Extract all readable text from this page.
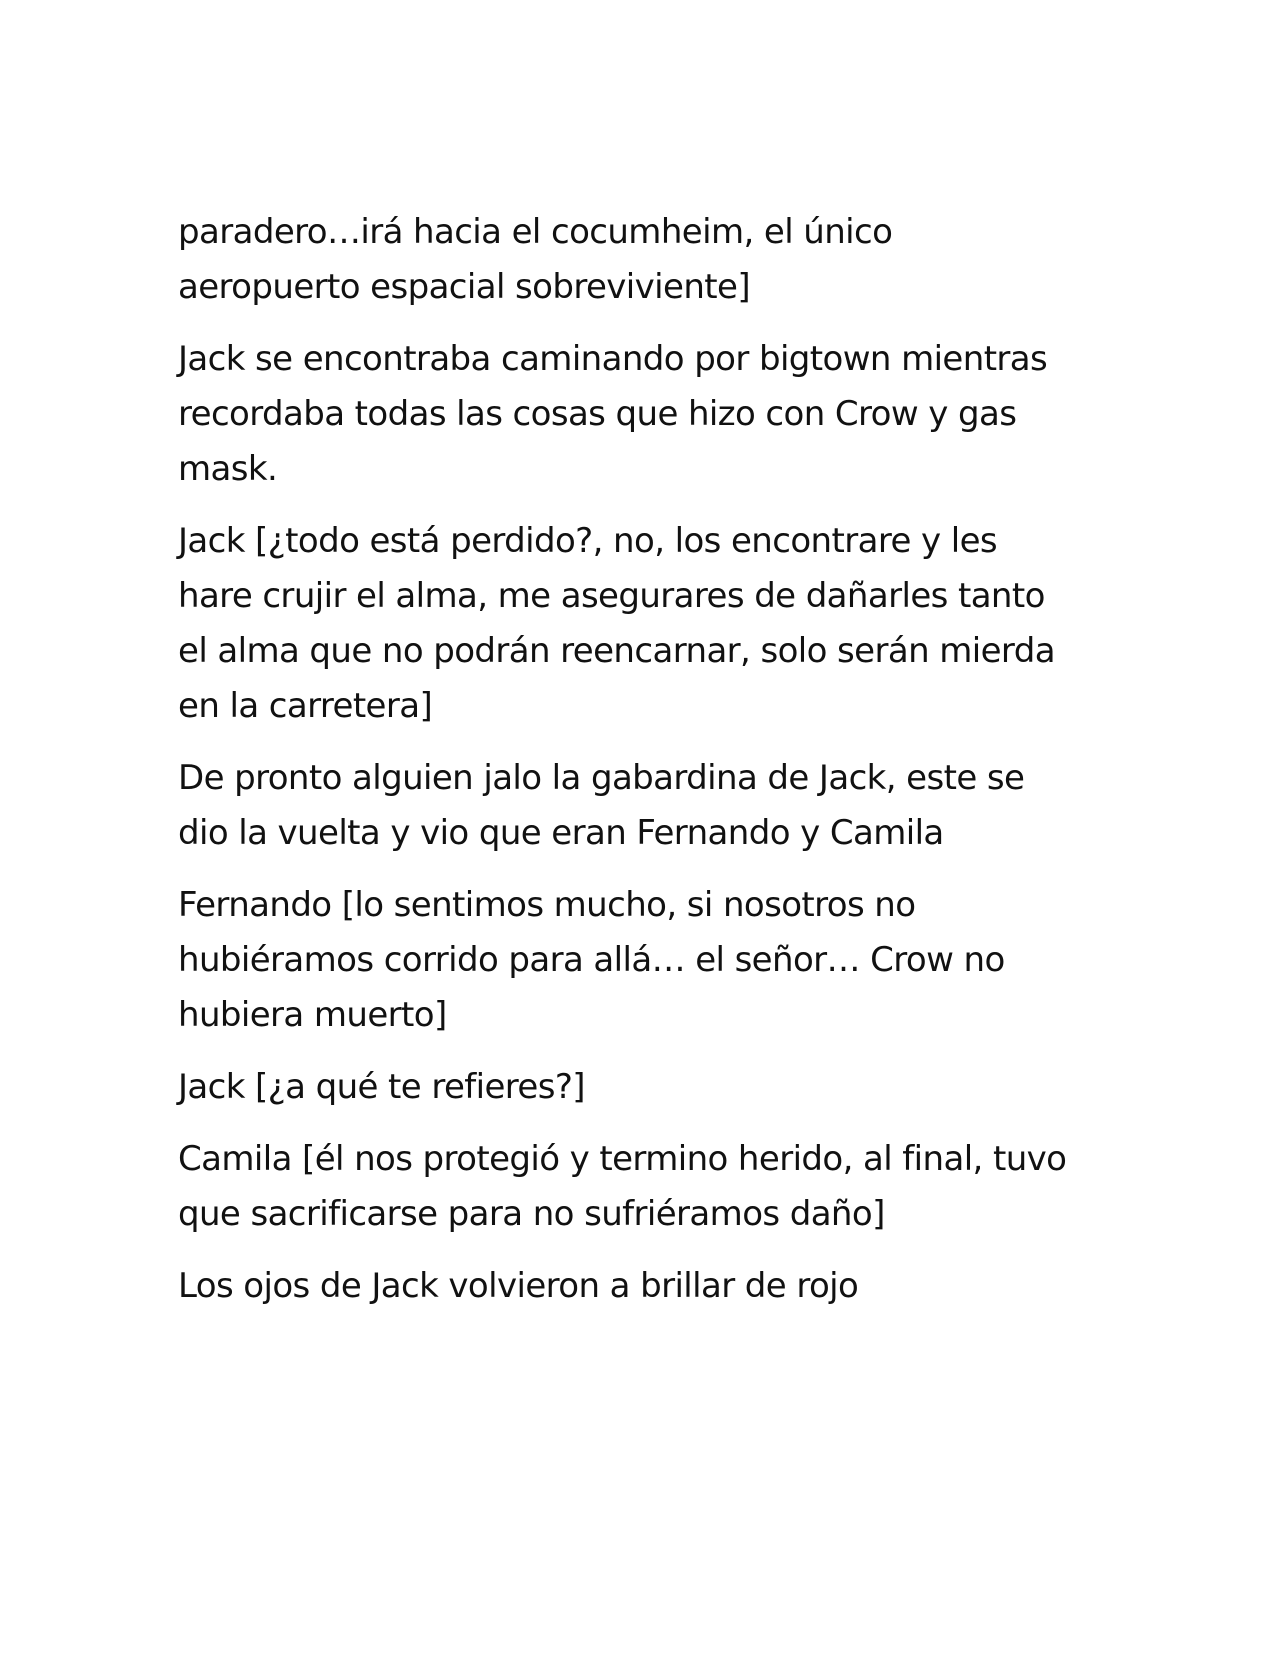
paradero…irá hacia el cocumheim, el único
aeropuerto espacial sobreviviente]

Jack se encontraba caminando por bigtown mientras
recordaba todas las cosas que hizo con Crow y gas
mask.

Jack [¿todo está perdido?, no, los encontrare y les
hare crujir el alma, me asegurares de dañarles tanto
el alma que no podrán reencarnar, solo serán mierda
en la carretera]

De pronto alguien jalo la gabardina de Jack, este se
dio la vuelta y vio que eran Fernando y Camila

Fernando [lo sentimos mucho, si nosotros no
hubiéramos corrido para allá… el señor… Crow no
hubiera muerto]

Jack [¿a qué te refieres?]

Camila [él nos protegió y termino herido, al final, tuvo
que sacrificarse para no sufriéramos daño]

Los ojos de Jack volvieron a brillar de rojo
